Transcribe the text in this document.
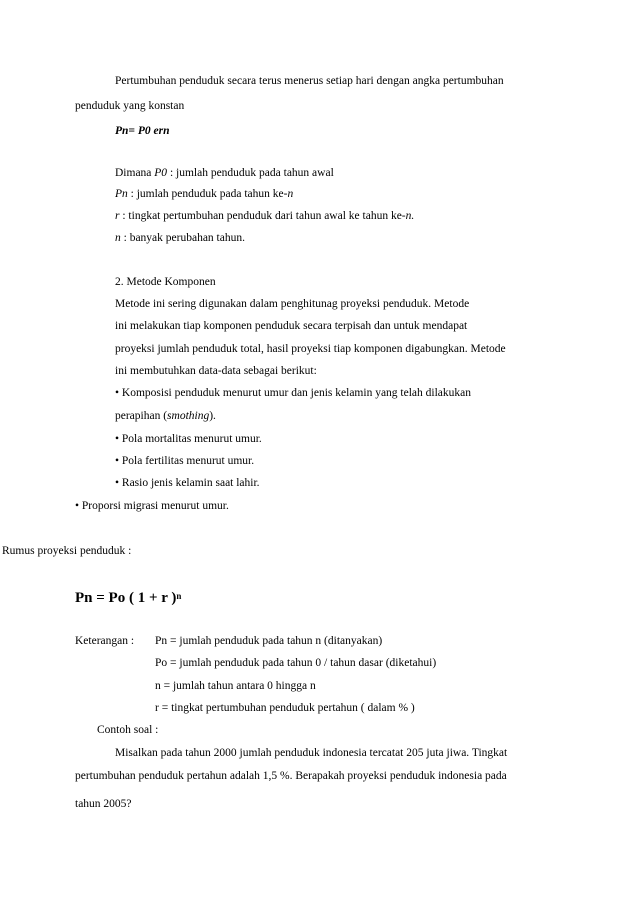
Pertumbuhan penduduk secara terus menerus setiap hari dengan angka pertumbuhan
penduduk yang konstan
Pn= P0 ern
Dimana P0 : jumlah penduduk pada tahun awal
Pn : jumlah penduduk pada tahun ke-n
r : tingkat pertumbuhan penduduk dari tahun awal ke tahun ke-n.
n : banyak perubahan tahun.
2. Metode Komponen
Metode ini sering digunakan dalam penghitunag proyeksi penduduk. Metode
ini melakukan tiap komponen penduduk secara terpisah dan untuk mendapat
proyeksi jumlah penduduk total, hasil proyeksi tiap komponen digabungkan. Metode
ini membutuhkan data-data sebagai berikut:
• Komposisi penduduk menurut umur dan jenis kelamin yang telah dilakukan
perapihan (smothing).
• Pola mortalitas menurut umur.
• Pola fertilitas menurut umur.
• Rasio jenis kelamin saat lahir.
• Proporsi migrasi menurut umur.
Rumus proyeksi penduduk :
Pn = Po ( 1 + r )$^n$
Keterangan : Pn = jumlah penduduk pada tahun n (ditanyakan)
Po = jumlah penduduk pada tahun 0 / tahun dasar (diketahui)
n = jumlah tahun antara 0 hingga n
r = tingkat pertumbuhan penduduk pertahun ( dalam % )
Contoh soal :
Misalkan pada tahun 2000 jumlah penduduk indonesia tercatat 205 juta jiwa. Tingkat
pertumbuhan penduduk pertahun adalah 1,5 %. Berapakah proyeksi penduduk indonesia pada
tahun 2005?
